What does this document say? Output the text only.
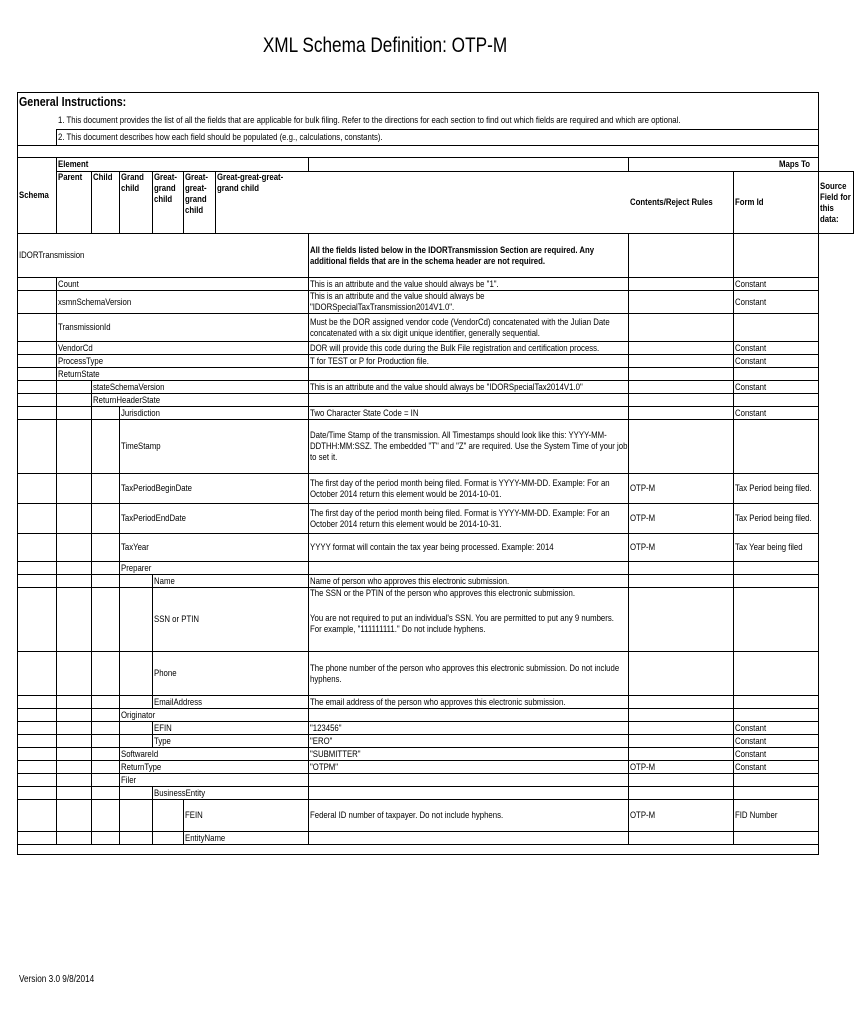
XML Schema Definition: OTP-M

	1. This document provides the list of all the fields that are applicable for bulk filing. Refer to the directions for each section to find out which fields are required and which are optional.									
	2. This document describes how each field should be populated (e.g., calculations, constants).									

Schema	Element							Maps To		

	Parent	Child	Grand child	Great- grand child	Great- great- grand child	Great-great-great-grand child		Contents/Reject Rules	Form Id	Source Field for this data:

IDORTransmission							All the fields listed below in the IDORTransmission Section are required. Any additional fields that are in the schema header are not required.			

	Count						This is an attribute and the value should always be "1".		Constant	

	xsmnSchemaVersion						This is an attribute and the value should always be "IDORSpecialTaxTransmission2014V1.0".		Constant	

	TransmissionId						Must be the DOR assigned vendor code (VendorCd) concatenated with the Julian Date concatenated with a six digit unique identifier, generally sequential.			

	VendorCd						DOR will provide this code during the Bulk File registration and certification process.		Constant	

	ProcessType						T for TEST or P for Production file.		Constant	

	ReturnState									
		stateSchemaVersion					This is an attribute and the value should always be "IDORSpecialTax2014V1.0"		Constant	

		ReturnHeaderState								
			Jurisdiction				Two Character State Code = IN		Constant	

			TimeStamp				Date/Time Stamp of the transmission. All Timestamps should look like this: YYYY-MM-DDTHH:MM:SSZ. The embedded "T" and "Z" are required. Use the System Time of your job to set it.			

			TaxPeriodBeginDate				The first day of the period month being filed. Format is YYYY-MM-DD. Example: For an October 2014 return this element would be 2014-10-01.	OTP-M	Tax Period being filed.	

			TaxPeriodEndDate				The first day of the period month being filed. Format is YYYY-MM-DD. Example: For an October 2014 return this element would be 2014-10-31.	OTP-M	Tax Period being filed.	

			TaxYear				YYYY format will contain the tax year being processed. Example: 2014	OTP-M	Tax Year being filed	

			Preparer							
				Name			Name of person who approves this electronic submission.			

				SSN or PTIN			The SSN or the PTIN of the person who approves this electronic submission.
You are not required to put an individual's SSN. You are permitted to put any 9 numbers. For example, "111111111." Do not include hyphens.			

				Phone			The phone number of the person who approves this electronic submission. Do not include hyphens.			

				EmailAddress			The email address of the person who approves this electronic submission.			

			Originator							
				EFIN			"123456"		Constant	

				Type			"ERO"		Constant	

			SoftwareId				"SUBMITTER"		Constant	

			ReturnType				"OTPM"	OTP-M	Constant	

			Filer							
				BusinessEntity						
					FEIN		Federal ID number of taxpayer. Do not include hyphens.	OTP-M	FID Number	

					EntityName					

Version 3.0 9/8/2014
General Instructions:
